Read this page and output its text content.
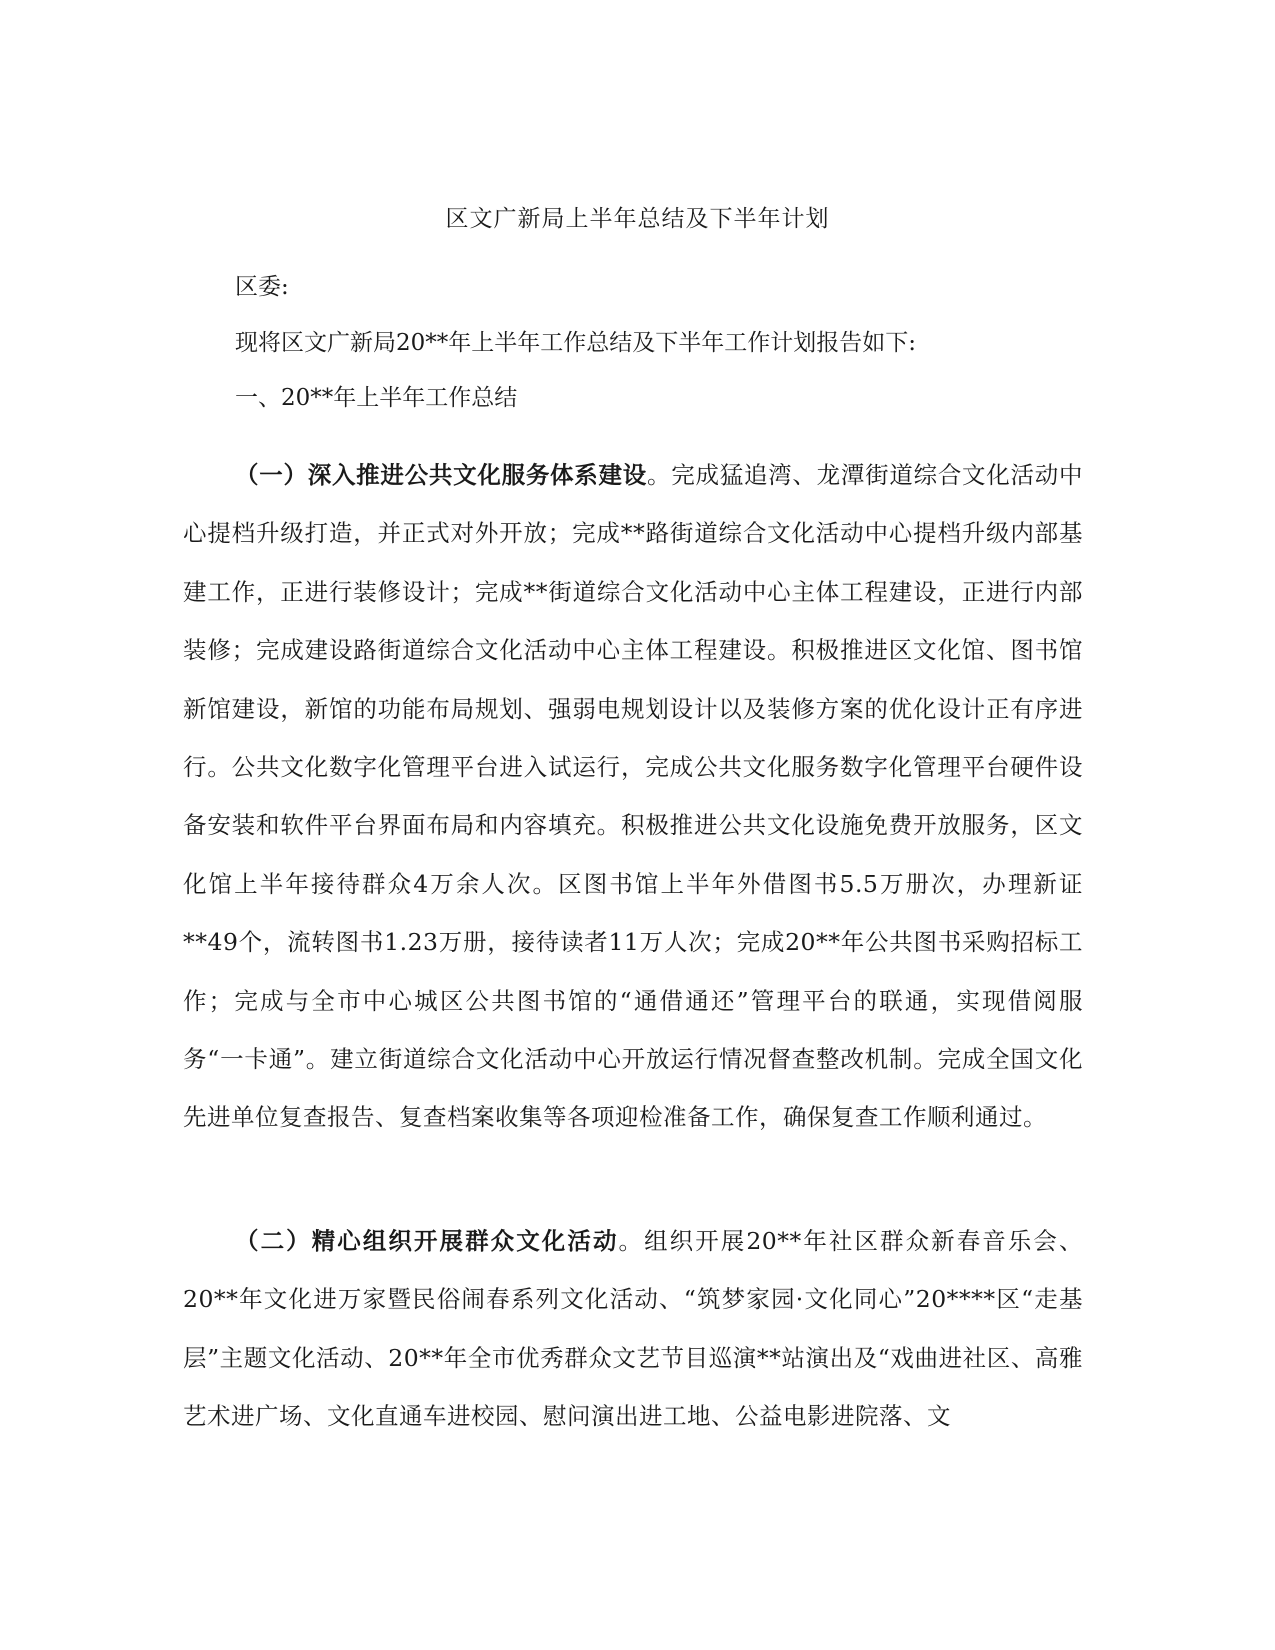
区文广新局上半年总结及下半年计划
区委:
现将区文广新局20**年上半年工作总结及下半年工作计划报告如下:
一、20**年上半年工作总结
（一）深入推进公共文化服务体系建设。完成猛追湾、龙潭街道综合文化活动中心提档升级打造，并正式对外开放；完成**路街道综合文化活动中心提档升级内部基建工作，正进行装修设计；完成**街道综合文化活动中心主体工程建设，正进行内部装修；完成建设路街道综合文化活动中心主体工程建设。积极推进区文化馆、图书馆新馆建设，新馆的功能布局规划、强弱电规划设计以及装修方案的优化设计正有序进行。公共文化数字化管理平台进入试运行，完成公共文化服务数字化管理平台硬件设备安装和软件平台界面布局和内容填充。积极推进公共文化设施免费开放服务，区文化馆上半年接待群众4万余人次。区图书馆上半年外借图书5.5万册次，办理新证**49个，流转图书1.23万册，接待读者11万人次；完成20**年公共图书采购招标工作；完成与全市中心城区公共图书馆的“通借通还”管理平台的联通，实现借阅服务“一卡通”。建立街道综合文化活动中心开放运行情况督查整改机制。完成全国文化先进单位复查报告、复查档案收集等各项迎检准备工作，确保复查工作顺利通过。
（二）精心组织开展群众文化活动。组织开展20**年社区群众新春音乐会、20**年文化进万家暨民俗闹春系列文化活动、“筑梦家园·文化同心”20****区“走基层”主题文化活动、20**年全市优秀群众文艺节目巡演**站演出及“戏曲进社区、高雅艺术进广场、文化直通车进校园、慰问演出进工地、公益电影进院落、文
